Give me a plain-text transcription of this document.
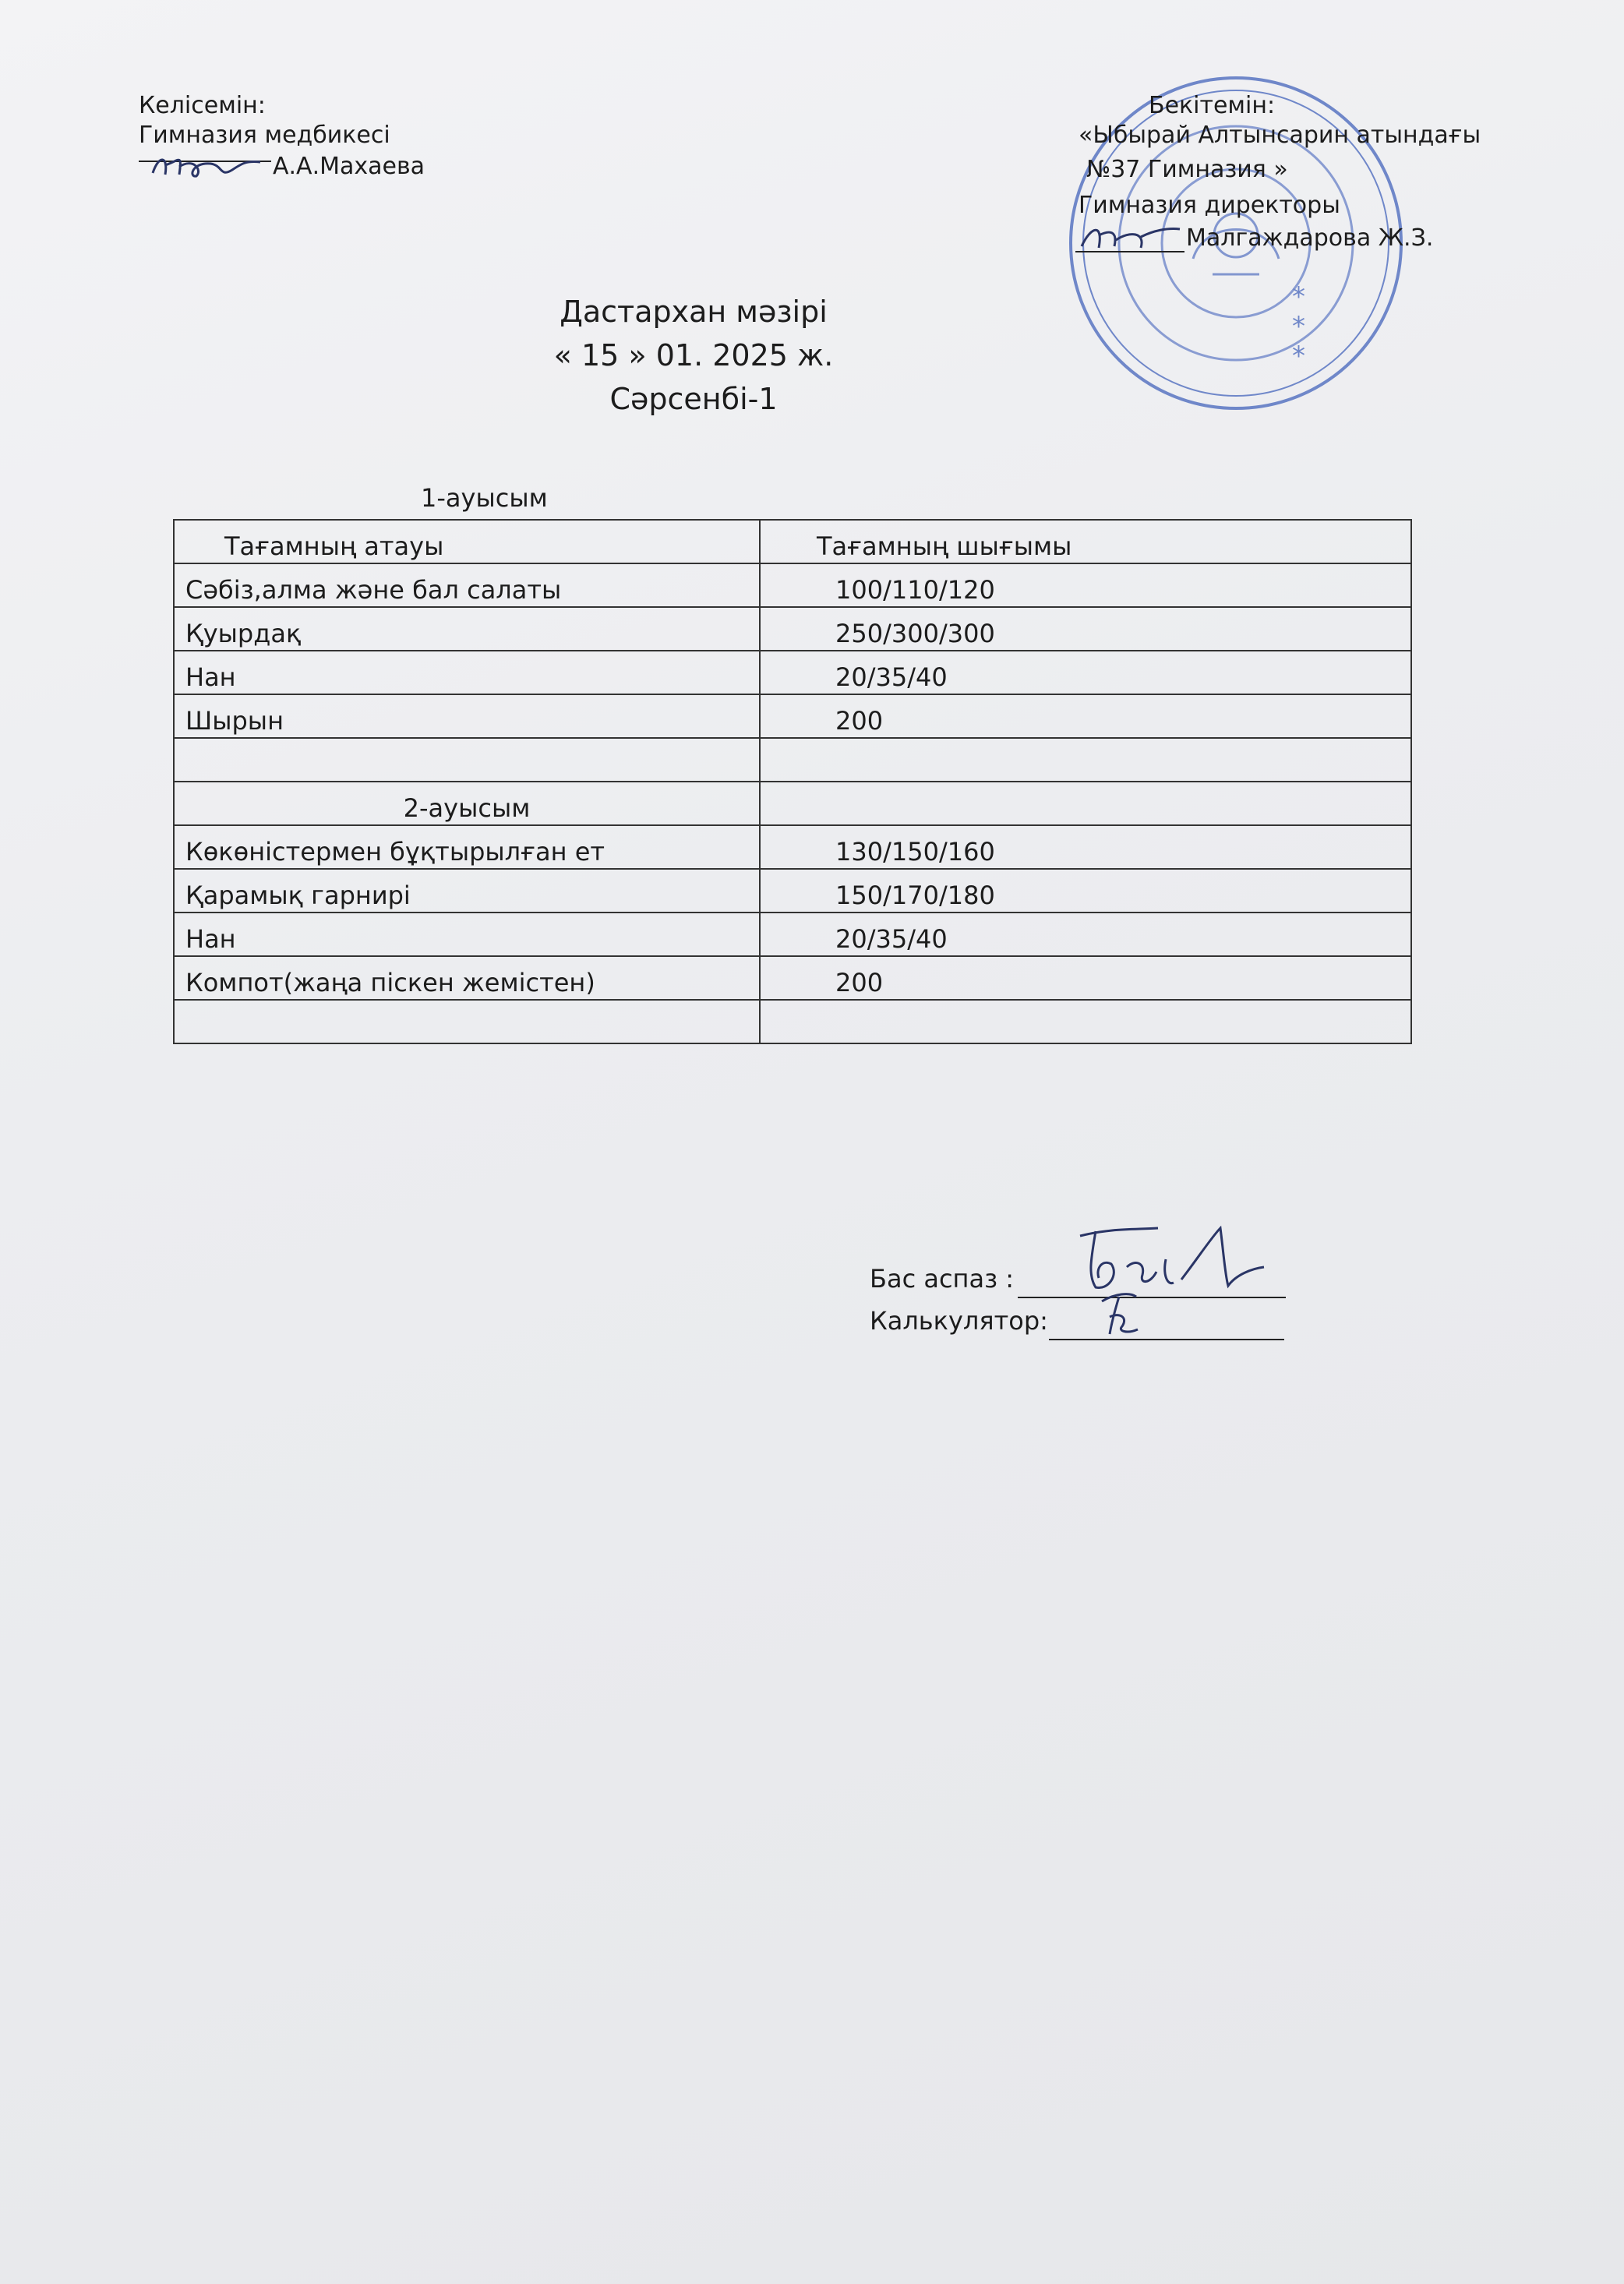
Келісемін:
Гимназия медбикесі
А.А.Махаева
*
*
*
Бекітемін:
«Ыбырай Алтынсарин атындағы
№37 Гимназия »
Гимназия директоры
Малгаждарова Ж.З.
Дастархан мәзірі
« 15 » 01. 2025 ж.
Сәрсенбі-1
1-ауысым
Тағамның атауы	Тағамның шығымы
Сәбіз,алма және бал салаты	100/110/120
Қуырдақ	250/300/300
Нан	20/35/40
Шырын	200

2-ауысым	
Көкөністермен бұқтырылған ет	130/150/160
Қарамық гарнирі	150/170/180
Нан	20/35/40
Компот(жаңа піскен жемістен)	200

Бас аспаз :
Калькулятор:
